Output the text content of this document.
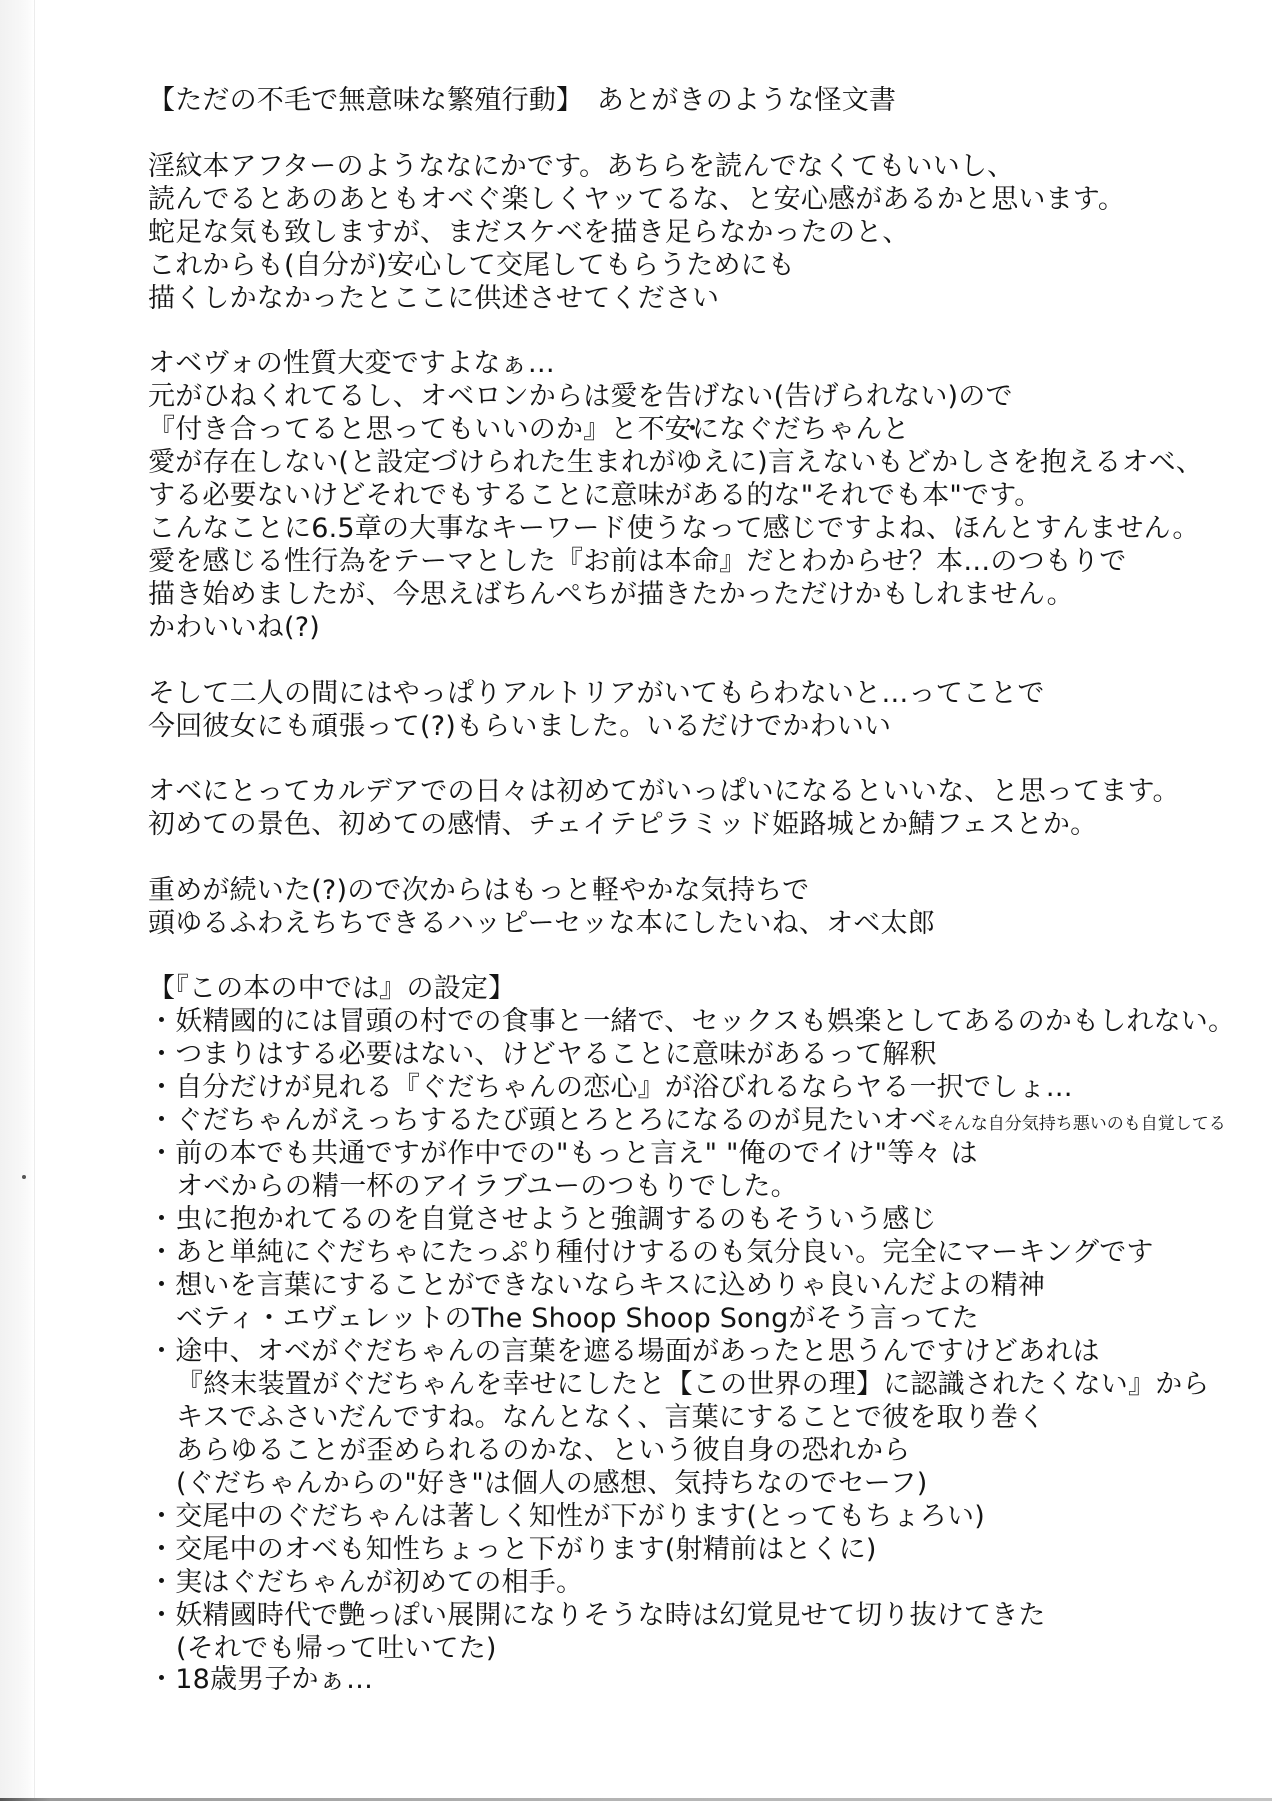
【ただの不毛で無意味な繁殖行動】　あとがきのような怪文書
淫紋本アフターのようななにかです。あちらを読んでなくてもいいし、
読んでるとあのあともオベぐ楽しくヤッてるな、と安心感があるかと思います。
蛇足な気も致しますが、まだスケベを描き足らなかったのと、
これからも(自分が)安心して交尾してもらうためにも
描くしかなかったとここに供述させてください
オベヴォの性質大変ですよなぁ…
元がひねくれてるし、オベロンからは愛を告げない(告げられない)ので
『付き合ってると思ってもいいのか』と不安になぐだちゃんと
愛が存在しない(と設定づけられた生まれがゆえに)言えないもどかしさを抱えるオベ、
する必要ないけどそれでもすることに意味がある的な"それでも本"です。
こんなことに6.5章の大事なキーワード使うなって感じですよね、ほんとすんません。
愛を感じる性行為をテーマとした『お前は本命』だとわからせ？本…のつもりで
描き始めましたが、今思えばちんぺちが描きたかっただけかもしれません。
かわいいね(?)
そして二人の間にはやっぱりアルトリアがいてもらわないと…ってことで
今回彼女にも頑張って(?)もらいました。いるだけでかわいい
オベにとってカルデアでの日々は初めてがいっぱいになるといいな、と思ってます。
初めての景色、初めての感情、チェイテピラミッド姫路城とか鯖フェスとか。
重めが続いた(?)ので次からはもっと軽やかな気持ちで
頭ゆるふわえちちできるハッピーセッな本にしたいね、オベ太郎
【『この本の中では』の設定】
・妖精國的には冒頭の村での食事と一緒で、セックスも娯楽としてあるのかもしれない。
・つまりはする必要はない、けどヤることに意味があるって解釈
・自分だけが見れる『ぐだちゃんの恋心』が浴びれるならヤる一択でしょ…
・ぐだちゃんがえっちするたび頭とろとろになるのが見たいオベそんな自分気持ち悪いのも自覚してる
・前の本でも共通ですが作中での"もっと言え" "俺のでイけ"等々 は
オベからの精一杯のアイラブユーのつもりでした。
・虫に抱かれてるのを自覚させようと強調するのもそういう感じ
・あと単純にぐだちゃにたっぷり種付けするのも気分良い。完全にマーキングです
・想いを言葉にすることができないならキスに込めりゃ良いんだよの精神
ベティ・エヴェレットのThe Shoop Shoop Songがそう言ってた
・途中、オベがぐだちゃんの言葉を遮る場面があったと思うんですけどあれは
『終末装置がぐだちゃんを幸せにしたと【この世界の理】に認識されたくない』から
キスでふさいだんですね。なんとなく、言葉にすることで彼を取り巻く
あらゆることが歪められるのかな、という彼自身の恐れから
(ぐだちゃんからの"好き"は個人の感想、気持ちなのでセーフ)
・交尾中のぐだちゃんは著しく知性が下がります(とってもちょろい)
・交尾中のオベも知性ちょっと下がります(射精前はとくに)
・実はぐだちゃんが初めての相手。
・妖精國時代で艶っぽい展開になりそうな時は幻覚見せて切り抜けてきた
(それでも帰って吐いてた)
・18歳男子かぁ…
